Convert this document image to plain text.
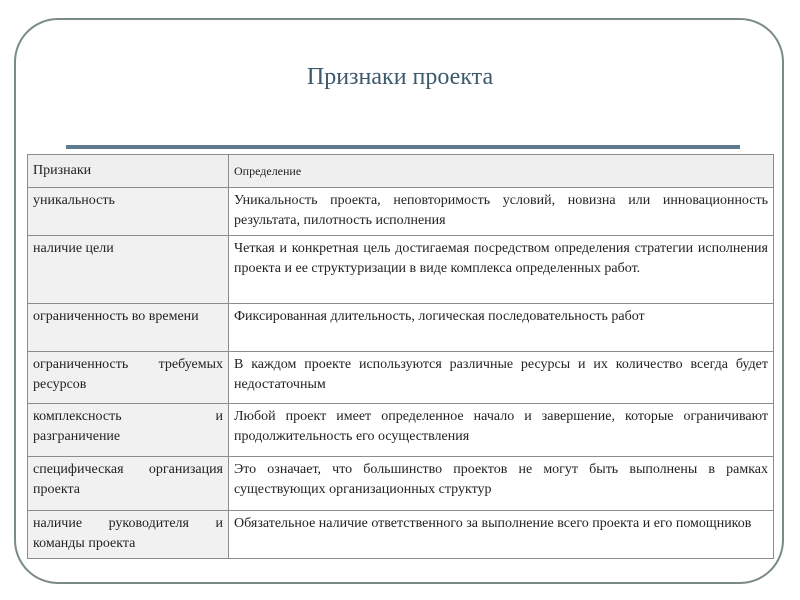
Признаки проекта
Признаки	Определение
уникальность	Уникальность проекта, неповторимость условий, новизна или инновационность результата, пилотность исполнения
наличие цели	Четкая и конкретная цель достигаемая посредством определения стратегии исполнения проекта и ее структуризации в виде комплекса определенных работ.
ограниченность во времени	Фиксированная длительность, логическая последовательность работ
ограниченность требуемых ресурсов	В каждом проекте используются различные ресурсы и их количество всегда будет недостаточным
комплексность и разграничение	Любой проект имеет определенное начало и завершение, которые ограничивают продолжительность его осуществления
специфическая организация проекта	Это означает, что большинство проектов не могут быть выполнены в рамках существующих организационных структур
наличие руководителя и команды проекта	Обязательное наличие ответственного за выполнение всего проекта и его помощников
